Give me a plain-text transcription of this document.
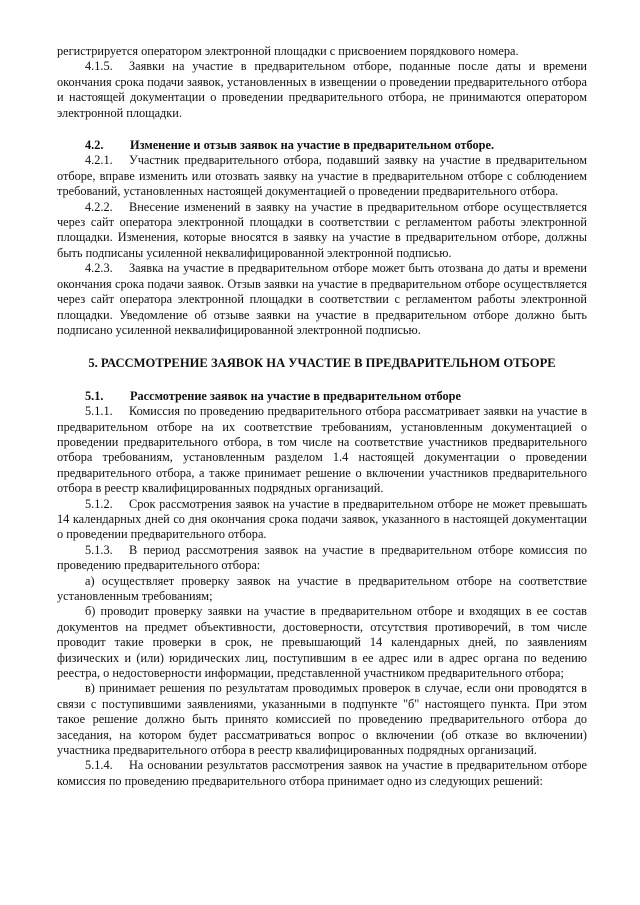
регистрируется оператором электронной площадки с присвоением порядкового номера.

4.1.5. Заявки на участие в предварительном отборе, поданные после даты и времени окончания срока подачи заявок, установленных в извещении о проведении предварительного отбора и настоящей документации о проведении предварительного отбора, не принимаются оператором электронной площадки.

4.2. Изменение и отзыв заявок на участие в предварительном отборе.

4.2.1. Участник предварительного отбора, подавший заявку на участие в предварительном отборе, вправе изменить или отозвать заявку на участие в предварительном отборе с соблюдением требований, установленных настоящей документацией о проведении предварительного отбора.

4.2.2. Внесение изменений в заявку на участие в предварительном отборе осуществляется через сайт оператора электронной площадки в соответствии с регламентом работы электронной площадки. Изменения, которые вносятся в заявку на участие в предварительном отборе, должны быть подписаны усиленной неквалифицированной электронной подписью.

4.2.3. Заявка на участие в предварительном отборе может быть отозвана до даты и времени окончания срока подачи заявок. Отзыв заявки на участие в предварительном отборе осуществляется через сайт оператора электронной площадки в соответствии с регламентом работы электронной площадки. Уведомление об отзыве заявки на участие в предварительном отборе должно быть подписано усиленной неквалифицированной электронной подписью.

5. РАССМОТРЕНИЕ ЗАЯВОК НА УЧАСТИЕ В ПРЕДВАРИТЕЛЬНОМ ОТБОРЕ

5.1. Рассмотрение заявок на участие в предварительном отборе

5.1.1. Комиссия по проведению предварительного отбора рассматривает заявки на участие в предварительном отборе на их соответствие требованиям, установленным документацией о проведении предварительного отбора, в том числе на соответствие участников предварительного отбора требованиям, установленным разделом 1.4 настоящей документации о проведении предварительного отбора, а также принимает решение о включении участников предварительного отбора в реестр квалифицированных подрядных организаций.

5.1.2. Срок рассмотрения заявок на участие в предварительном отборе не может превышать 14 календарных дней со дня окончания срока подачи заявок, указанного в настоящей документации о проведении предварительного отбора.

5.1.3. В период рассмотрения заявок на участие в предварительном отборе комиссия по проведению предварительного отбора:

а) осуществляет проверку заявок на участие в предварительном отборе на соответствие установленным требованиям;

б) проводит проверку заявки на участие в предварительном отборе и входящих в ее состав документов на предмет объективности, достоверности, отсутствия противоречий, в том числе проводит такие проверки в срок, не превышающий 14 календарных дней, по заявлениям физических и (или) юридических лиц, поступившим в ее адрес или в адрес органа по ведению реестра, о недостоверности информации, представленной участником предварительного отбора;

в) принимает решения по результатам проводимых проверок в случае, если они проводятся в связи с поступившими заявлениями, указанными в подпункте "б" настоящего пункта. При этом такое решение должно быть принято комиссией по проведению предварительного отбора до заседания, на котором будет рассматриваться вопрос о включении (об отказе во включении) участника предварительного отбора в реестр квалифицированных подрядных организаций.

5.1.4. На основании результатов рассмотрения заявок на участие в предварительном отборе комиссия по проведению предварительного отбора принимает одно из следующих решений:
